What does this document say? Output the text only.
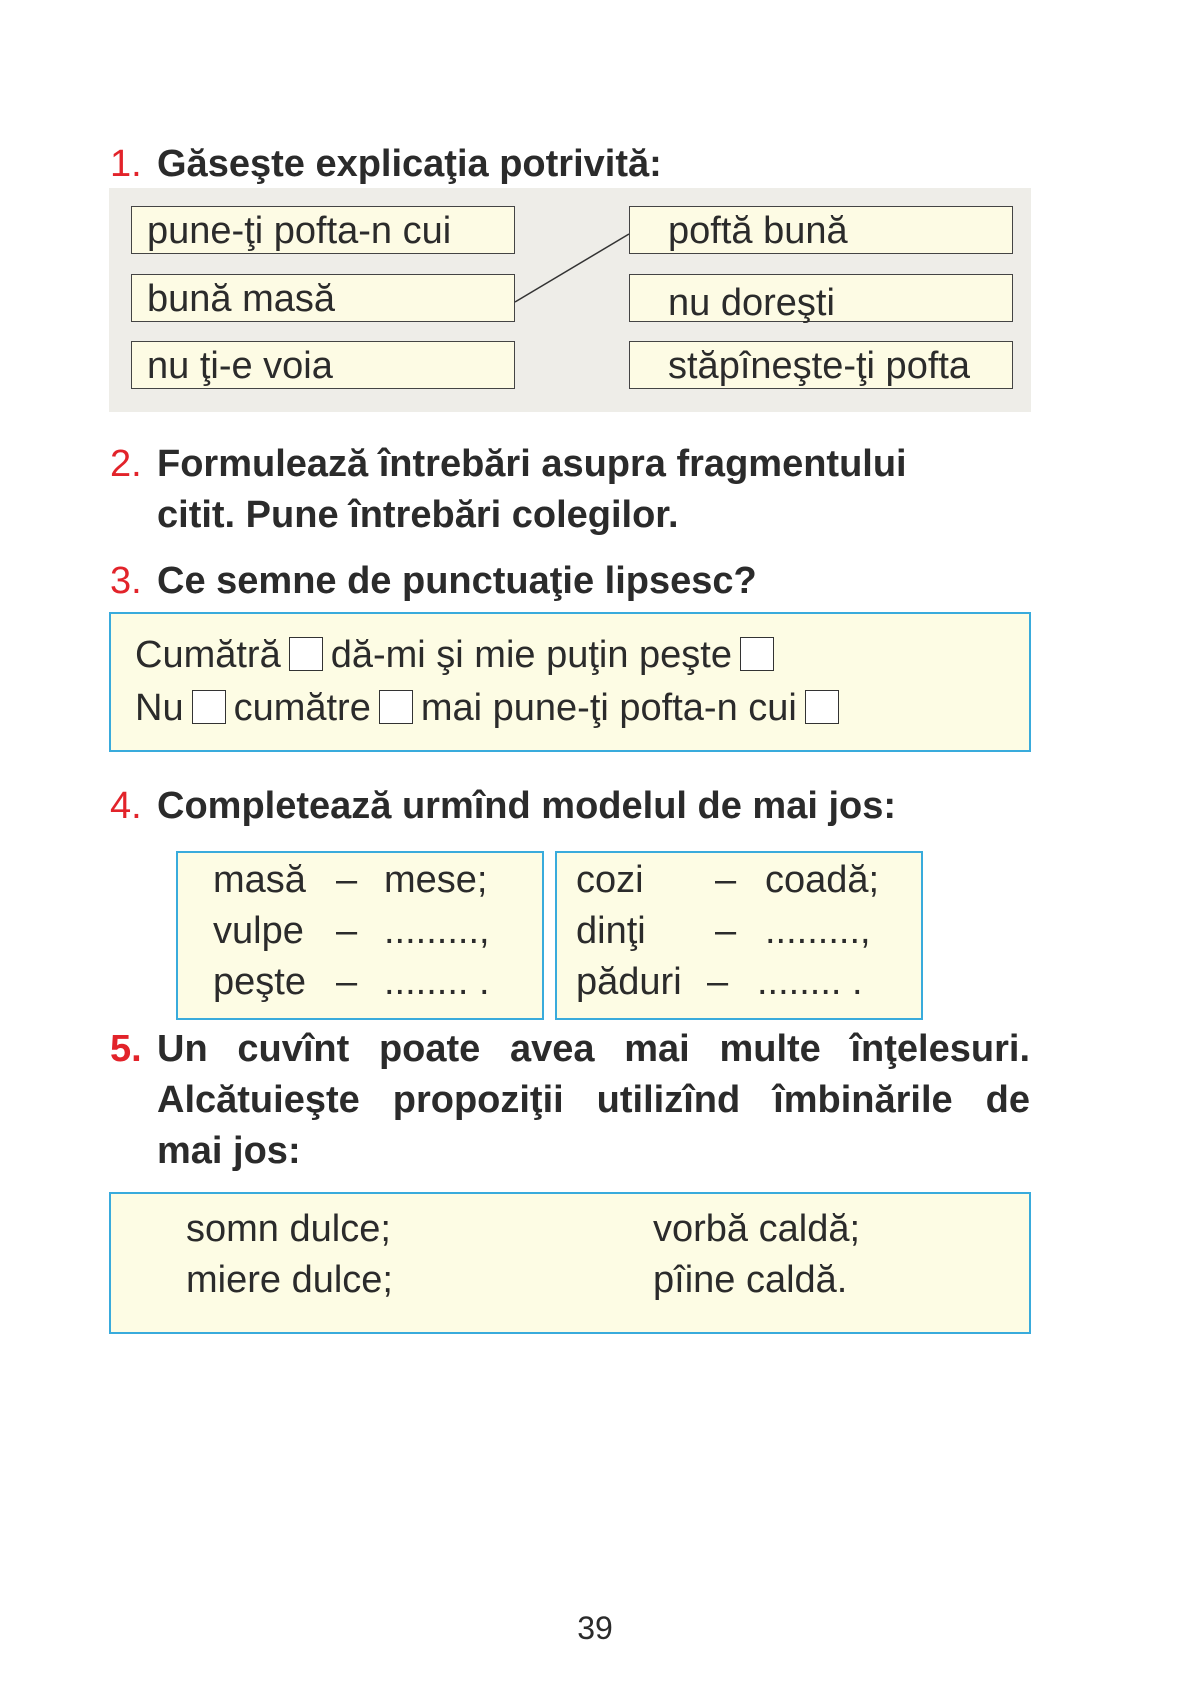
1. Găseşte explicaţia potrivită:
pune-ţi pofta-n cui
bună masă
nu ţi-e voia
poftă bună
nu doreşti
stăpîneşte-ţi pofta
2. Formulează întrebări asupra fragmentului
citit. Pune întrebări colegilor.
3. Ce semne de punctuaţie lipsesc?
Cumătră dă-mi şi mie puţin peşte
Nu cumătre mai pune-ţi pofta-n cui
4. Completează urmînd modelul de mai jos:
masă – mese;
vulpe – .........,
peşte – ........ .
cozi – coadă;
dinţi – .........,
păduri – ........ .
5. Un cuvînt poate avea mai multe înţelesuri.
Alcătuieşte propoziţii utilizînd îmbinările de
mai jos:
somn dulce;
miere dulce;
vorbă caldă;
pîine caldă.
39
